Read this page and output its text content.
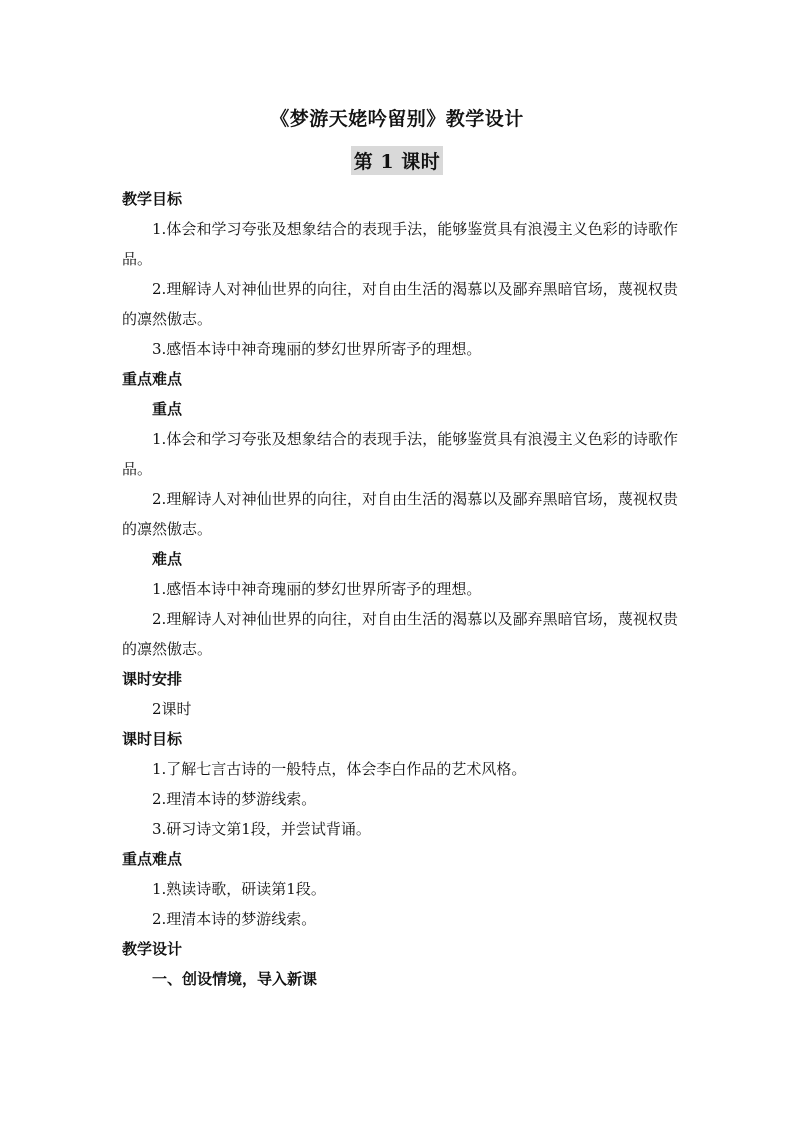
《梦游天姥吟留别》教学设计
第 1 课时
教学目标
1.体会和学习夸张及想象结合的表现手法，能够鉴赏具有浪漫主义色彩的诗歌作品。
2.理解诗人对神仙世界的向往，对自由生活的渴慕以及鄙弃黑暗官场，蔑视权贵的凛然傲志。
3.感悟本诗中神奇瑰丽的梦幻世界所寄予的理想。
重点难点
重点
1.体会和学习夸张及想象结合的表现手法，能够鉴赏具有浪漫主义色彩的诗歌作品。
2.理解诗人对神仙世界的向往，对自由生活的渴慕以及鄙弃黑暗官场，蔑视权贵的凛然傲志。
难点
1.感悟本诗中神奇瑰丽的梦幻世界所寄予的理想。
2.理解诗人对神仙世界的向往，对自由生活的渴慕以及鄙弃黑暗官场，蔑视权贵的凛然傲志。
课时安排
2课时
课时目标
1.了解七言古诗的一般特点，体会李白作品的艺术风格。
2.理清本诗的梦游线索。
3.研习诗文第1段，并尝试背诵。
重点难点
1.熟读诗歌，研读第1段。
2.理清本诗的梦游线索。
教学设计
一、创设情境，导入新课
